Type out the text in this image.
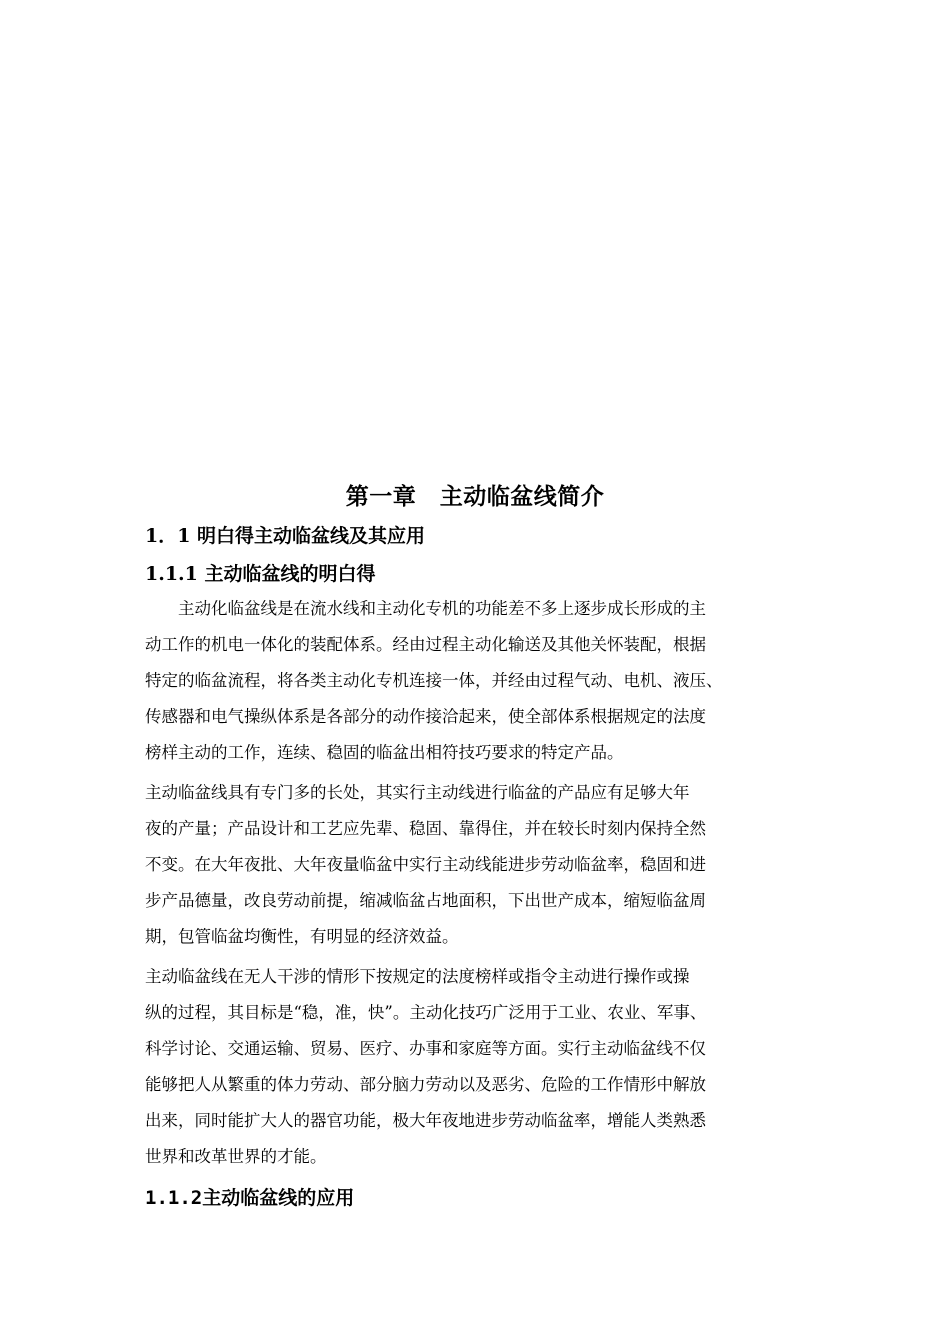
第一章　主动临盆线简介
1．1 明白得主动临盆线及其应用
1.1.1 主动临盆线的明白得
　　主动化临盆线是在流水线和主动化专机的功能差不多上逐步成长形成的主
动工作的机电一体化的装配体系。经由过程主动化输送及其他关怀装配，根据
特定的临盆流程，将各类主动化专机连接一体，并经由过程气动、电机、液压、
传感器和电气操纵体系是各部分的动作接洽起来，使全部体系根据规定的法度
榜样主动的工作，连续、稳固的临盆出相符技巧要求的特定产品。
主动临盆线具有专门多的长处，其实行主动线进行临盆的产品应有足够大年
夜的产量；产品设计和工艺应先辈、稳固、靠得住，并在较长时刻内保持全然
不变。在大年夜批、大年夜量临盆中实行主动线能进步劳动临盆率，稳固和进
步产品德量，改良劳动前提，缩减临盆占地面积，下出世产成本，缩短临盆周
期，包管临盆均衡性，有明显的经济效益。
主动临盆线在无人干涉的情形下按规定的法度榜样或指令主动进行操作或操
纵的过程，其目标是“稳，准，快”。主动化技巧广泛用于工业、农业、军事、
科学讨论、交通运输、贸易、医疗、办事和家庭等方面。实行主动临盆线不仅
能够把人从繁重的体力劳动、部分脑力劳动以及恶劣、危险的工作情形中解放
出来，同时能扩大人的器官功能，极大年夜地进步劳动临盆率，增能人类熟悉
世界和改革世界的才能。
1.1.2主动临盆线的应用
